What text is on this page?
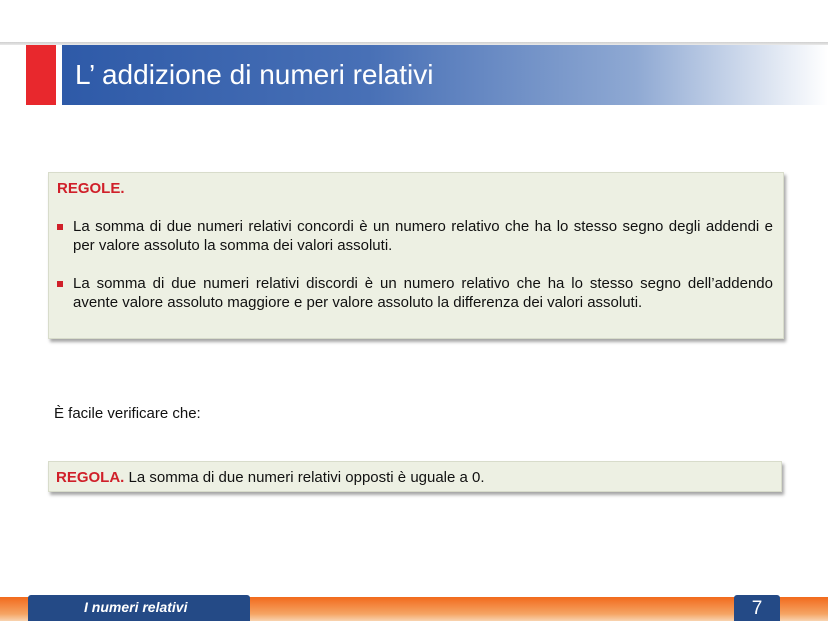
L’ addizione di numeri relativi
REGOLE.
La somma di due numeri relativi concordi è un numero relativo che ha lo stesso segno degli addendi e per valore assoluto la somma dei valori assoluti.
La somma di due numeri relativi discordi è un numero relativo che ha lo stesso segno dell’addendo avente valore assoluto maggiore e per valore assoluto la differenza dei valori assoluti.
È facile verificare che:
REGOLA. La somma di due numeri relativi opposti è uguale a 0.
I numeri relativi	7
